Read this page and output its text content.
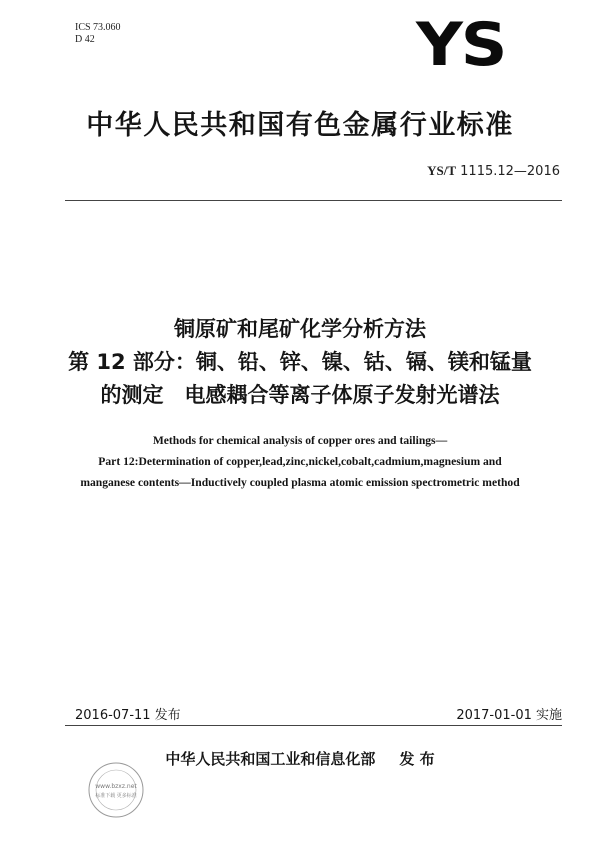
ICS 73.060
D 42	YS
中华人民共和国有色金属行业标准
YS/T 1115.12—2016
铜原矿和尾矿化学分析方法
第 12 部分：铜、铅、锌、镍、钴、镉、镁和锰量
的测定　电感耦合等离子体原子发射光谱法
Methods for chemical analysis of copper ores and tailings—
Part 12:Determination of copper,lead,zinc,nickel,cobalt,cadmium,magnesium and
manganese contents—Inductively coupled plasma atomic emission spectrometric method
2016-07-11 发布	2017-01-01 实施
中华人民共和国工业和信息化部 发 布
www.bzxz.net
标准下载 更多标准
